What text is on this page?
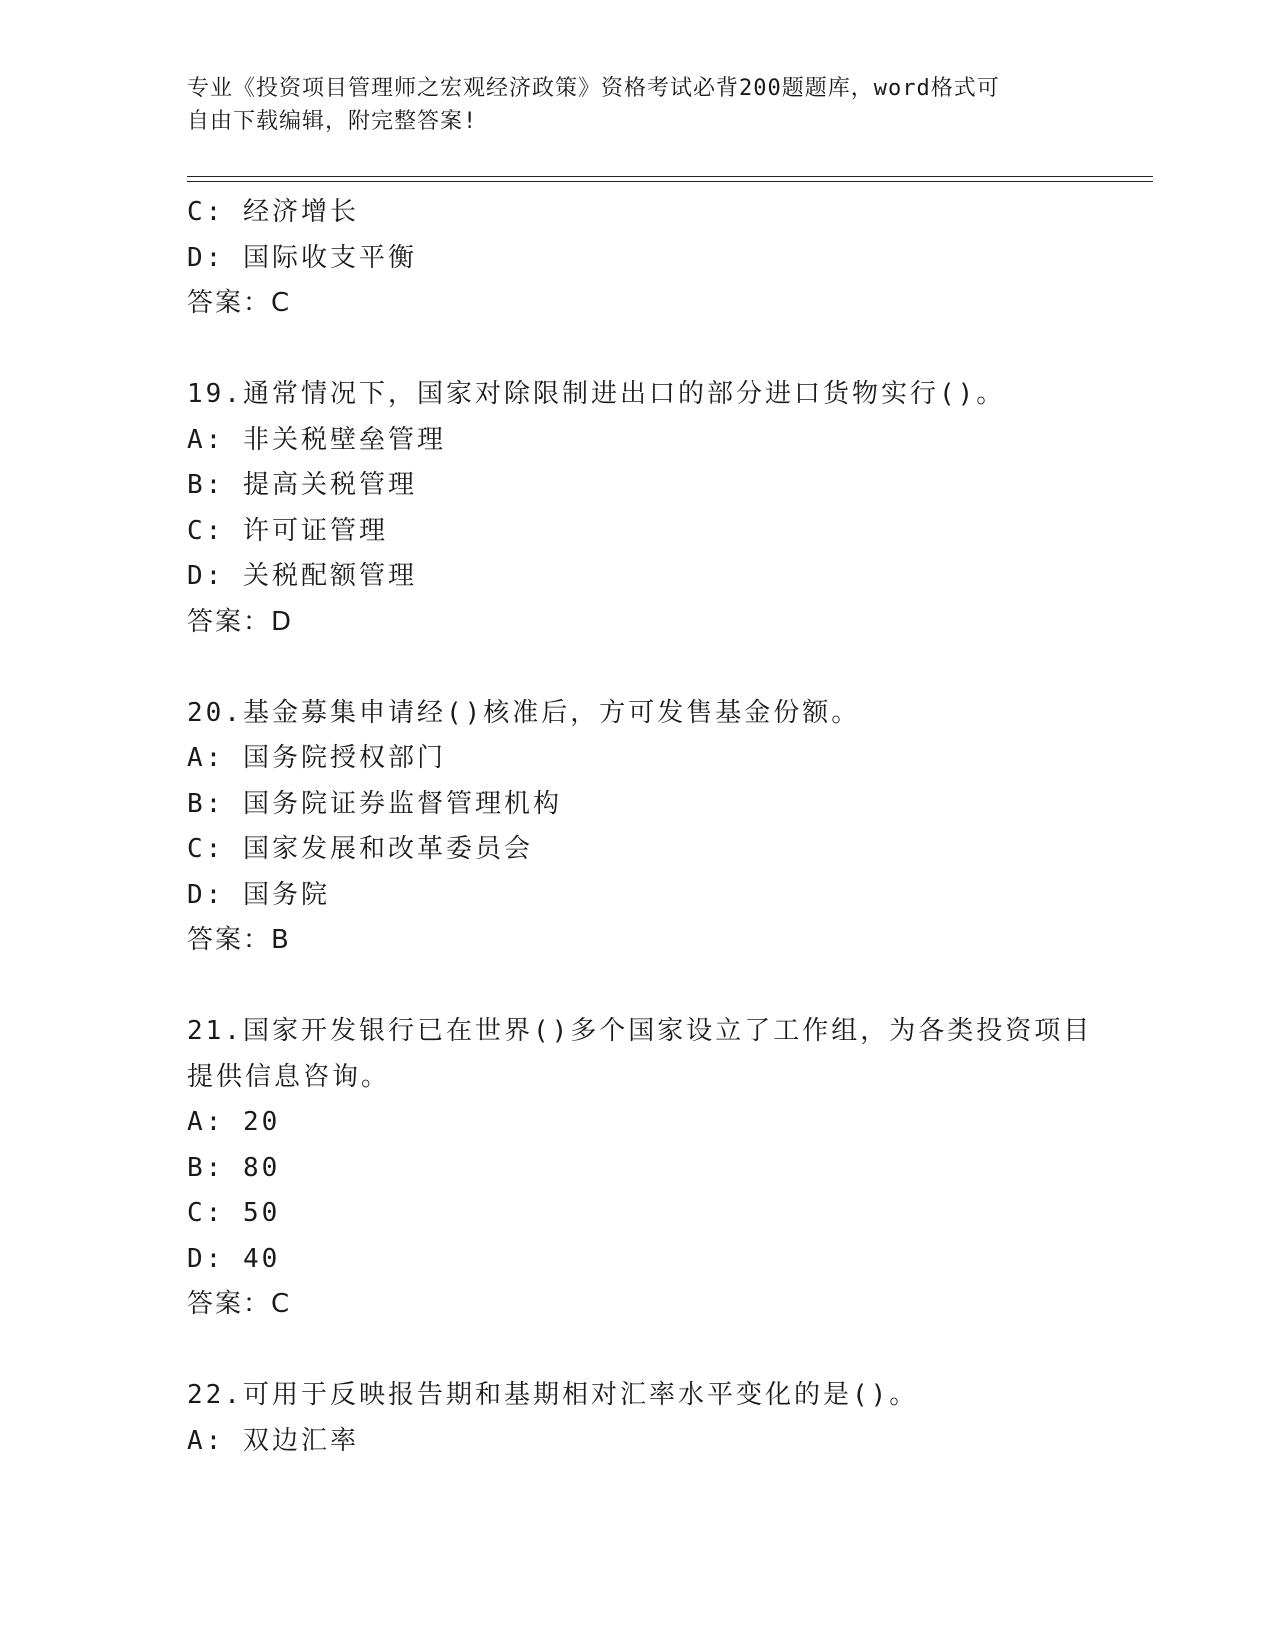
专业《投资项目管理师之宏观经济政策》资格考试必背200题题库，word格式可
自由下载编辑，附完整答案!
C: 经济增长
D: 国际收支平衡
答案：C
19.通常情况下，国家对除限制进出口的部分进口货物实行()。
A: 非关税壁垒管理
B: 提高关税管理
C: 许可证管理
D: 关税配额管理
答案：D
20.基金募集申请经()核准后，方可发售基金份额。
A: 国务院授权部门
B: 国务院证券监督管理机构
C: 国家发展和改革委员会
D: 国务院
答案：B
21.国家开发银行已在世界()多个国家设立了工作组，为各类投资项目
提供信息咨询。
A: 20
B: 80
C: 50
D: 40
答案：C
22.可用于反映报告期和基期相对汇率水平变化的是()。
A: 双边汇率
